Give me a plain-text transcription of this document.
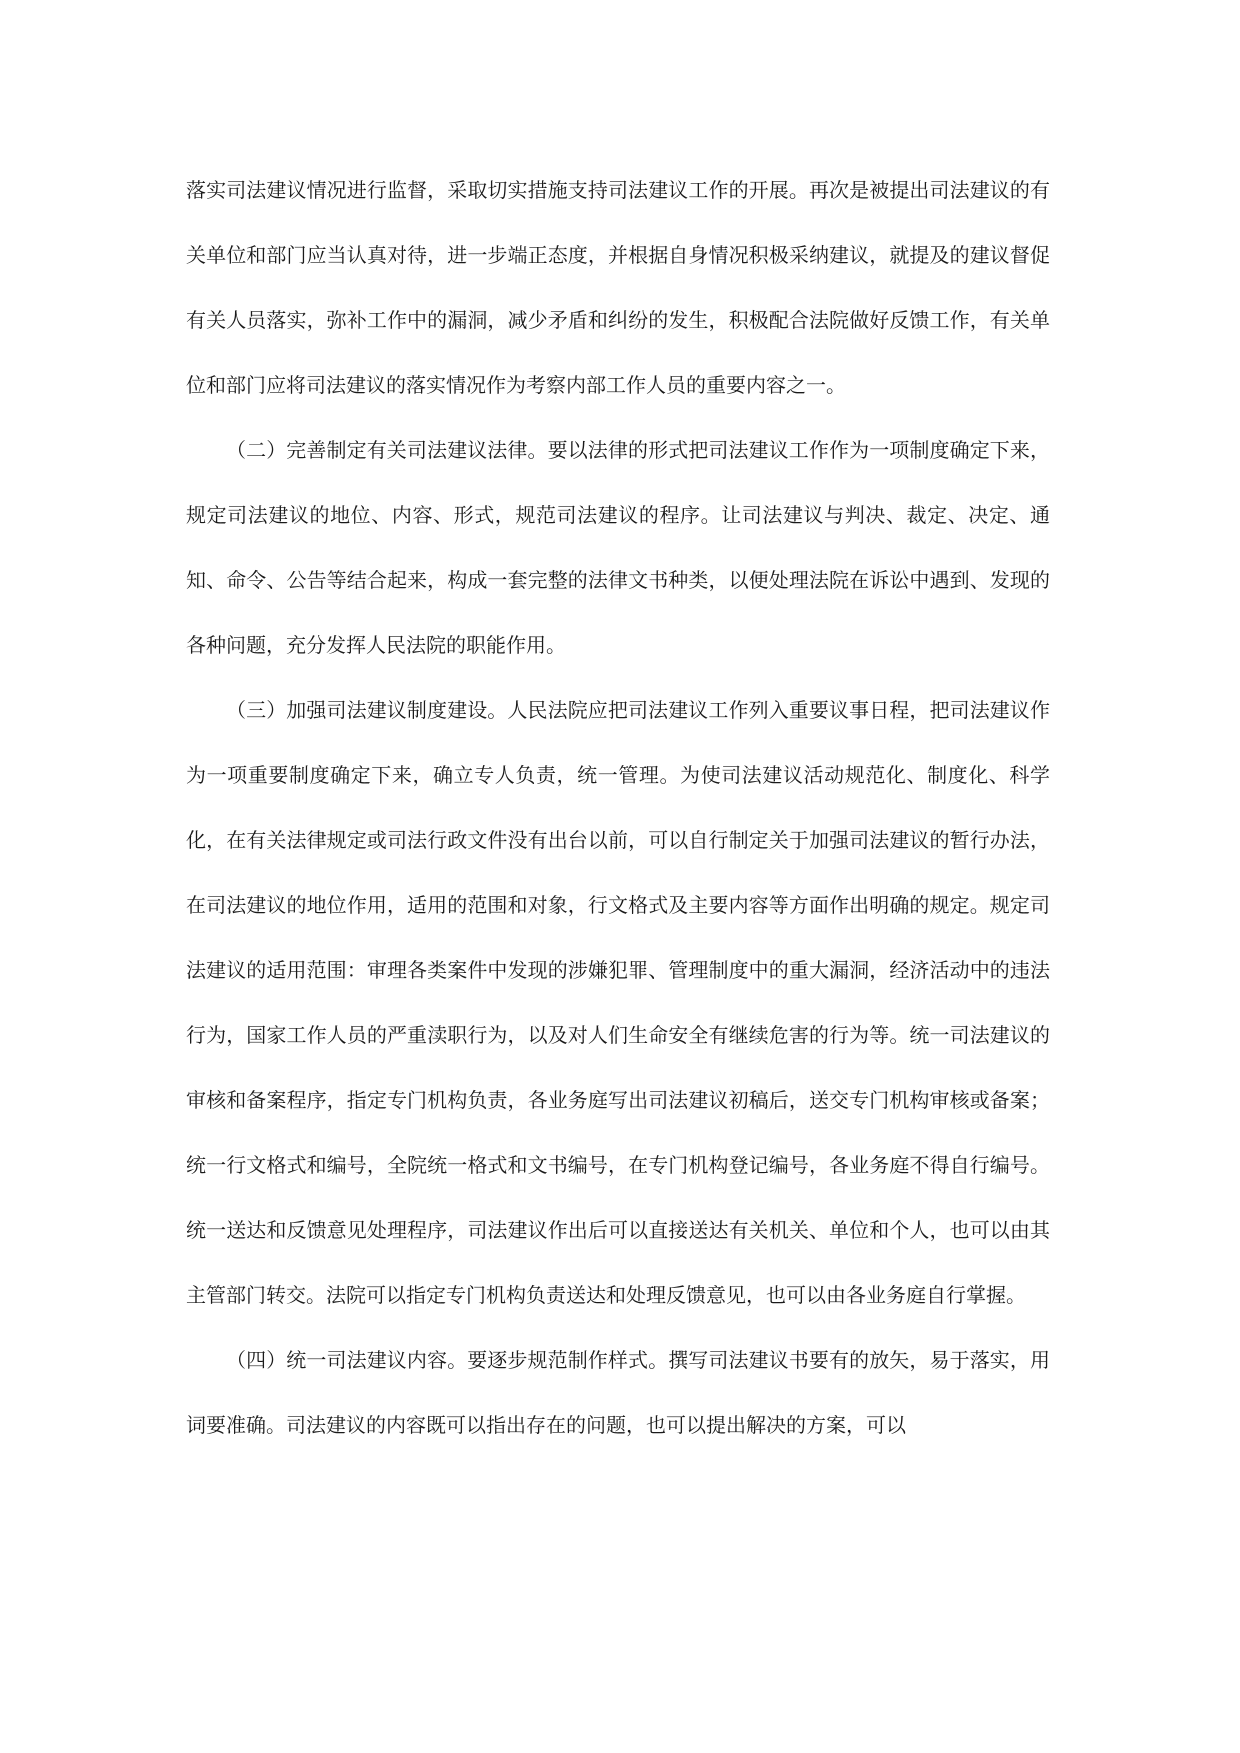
落实司法建议情况进行监督，采取切实措施支持司法建议工作的开展。再次是被提出司法建议的有关单位和部门应当认真对待，进一步端正态度，并根据自身情况积极采纳建议，就提及的建议督促有关人员落实，弥补工作中的漏洞，减少矛盾和纠纷的发生，积极配合法院做好反馈工作，有关单位和部门应将司法建议的落实情况作为考察内部工作人员的重要内容之一。

（二）完善制定有关司法建议法律。要以法律的形式把司法建议工作作为一项制度确定下来，规定司法建议的地位、内容、形式，规范司法建议的程序。让司法建议与判决、裁定、决定、通知、命令、公告等结合起来，构成一套完整的法律文书种类，以便处理法院在诉讼中遇到、发现的各种问题，充分发挥人民法院的职能作用。

（三）加强司法建议制度建设。人民法院应把司法建议工作列入重要议事日程，把司法建议作为一项重要制度确定下来，确立专人负责，统一管理。为使司法建议活动规范化、制度化、科学化，在有关法律规定或司法行政文件没有出台以前，可以自行制定关于加强司法建议的暂行办法，在司法建议的地位作用，适用的范围和对象，行文格式及主要内容等方面作出明确的规定。规定司法建议的适用范围：审理各类案件中发现的涉嫌犯罪、管理制度中的重大漏洞，经济活动中的违法行为，国家工作人员的严重渎职行为，以及对人们生命安全有继续危害的行为等。统一司法建议的审核和备案程序，指定专门机构负责，各业务庭写出司法建议初稿后，送交专门机构审核或备案；统一行文格式和编号，全院统一格式和文书编号，在专门机构登记编号，各业务庭不得自行编号。统一送达和反馈意见处理程序，司法建议作出后可以直接送达有关机关、单位和个人，也可以由其主管部门转交。法院可以指定专门机构负责送达和处理反馈意见，也可以由各业务庭自行掌握。

（四）统一司法建议内容。要逐步规范制作样式。撰写司法建议书要有的放矢，易于落实，用词要准确。司法建议的内容既可以指出存在的问题，也可以提出解决的方案，可以
